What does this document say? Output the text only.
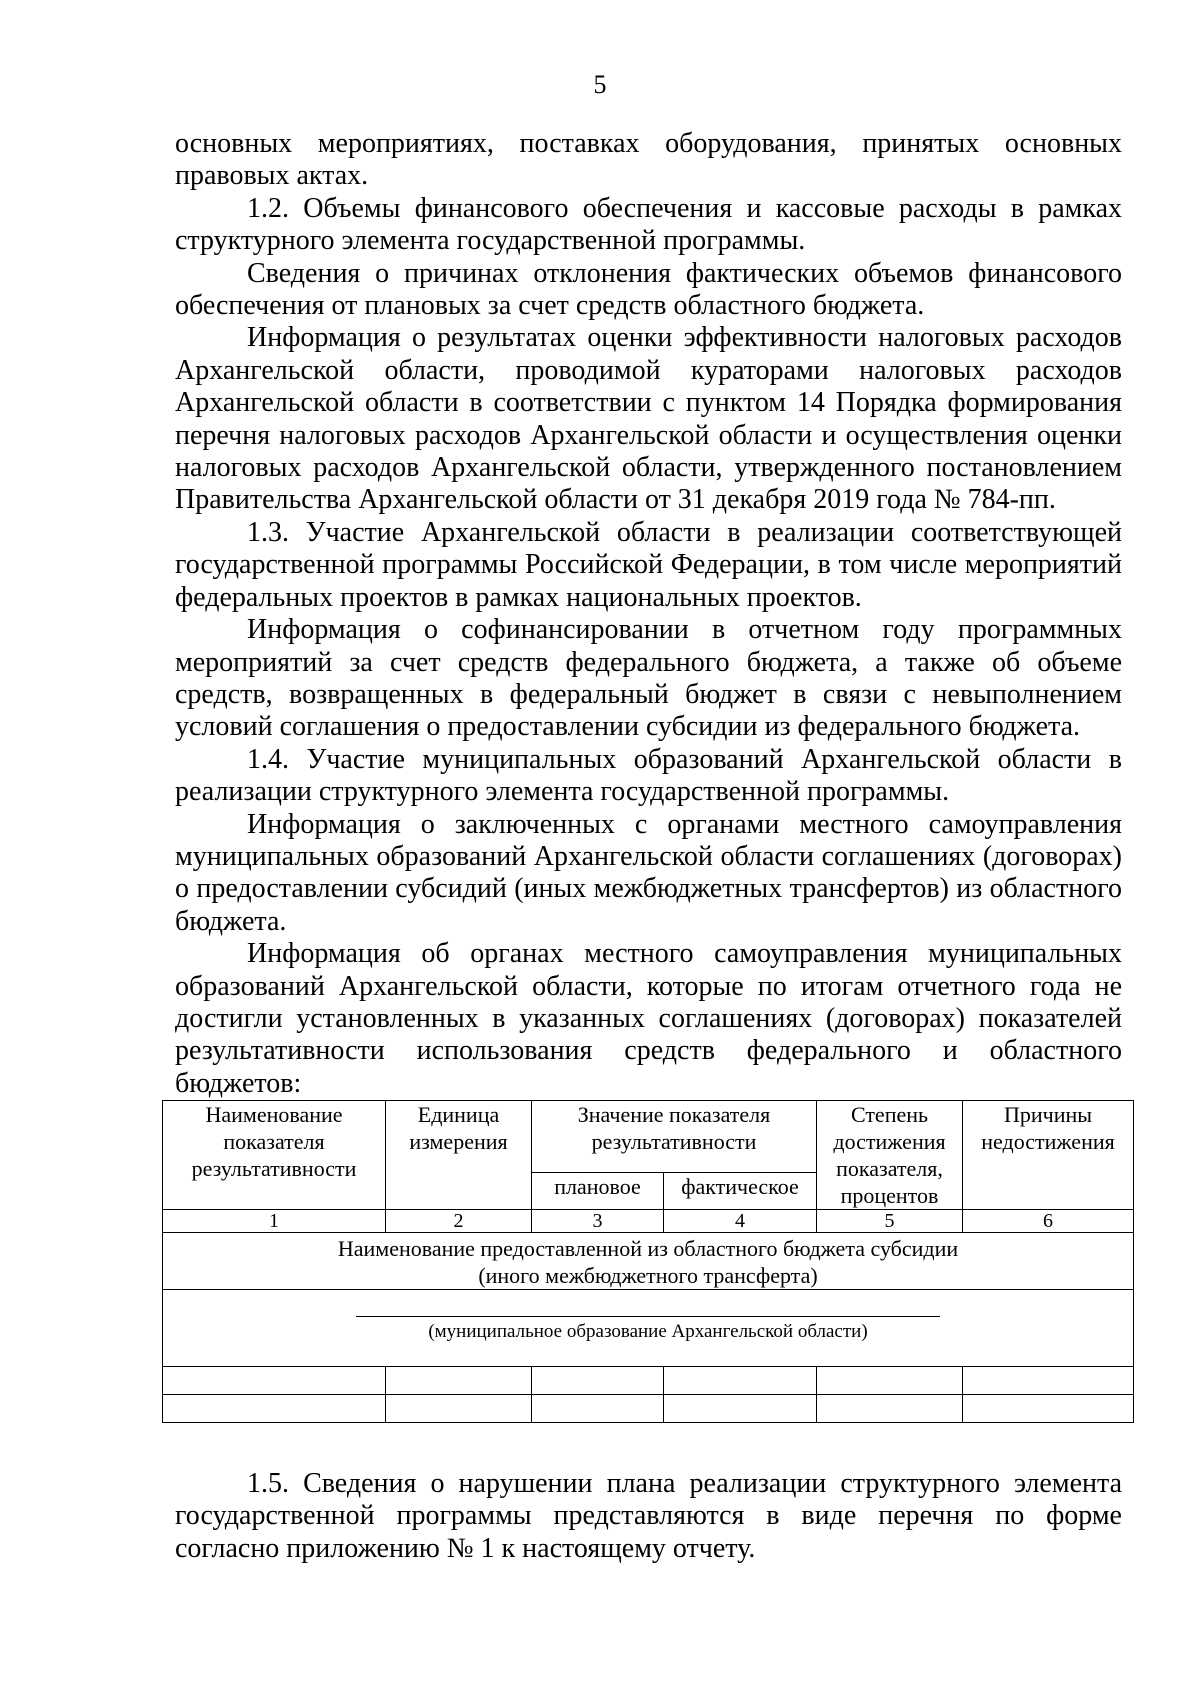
5

основных мероприятиях, поставках оборудования, принятых основных правовых актах.

1.2. Объемы финансового обеспечения и кассовые расходы в рамках структурного элемента государственной программы.

Сведения о причинах отклонения фактических объемов финансового обеспечения от плановых за счет средств областного бюджета.

Информация о результатах оценки эффективности налоговых расходов Архангельской области, проводимой кураторами налоговых расходов Архангельской области в соответствии с пунктом 14 Порядка формирования перечня налоговых расходов Архангельской области и осуществления оценки налоговых расходов Архангельской области, утвержденного постановлением Правительства Архангельской области от 31 декабря 2019 года № 784-пп.

1.3. Участие Архангельской области в реализации соответствующей государственной программы Российской Федерации, в том числе мероприятий федеральных проектов в рамках национальных проектов.

Информация о софинансировании в отчетном году программных мероприятий за счет средств федерального бюджета, а также об объеме средств, возвращенных в федеральный бюджет в связи с невыполнением условий соглашения о предоставлении субсидии из федерального бюджета.

1.4. Участие муниципальных образований Архангельской области в реализации структурного элемента государственной программы.

Информация о заключенных с органами местного самоуправления муниципальных образований Архангельской области соглашениях (договорах) о предоставлении субсидий (иных межбюджетных трансфертов) из областного бюджета.

Информация об органах местного самоуправления муниципальных образований Архангельской области, которые по итогам отчетного года не достигли установленных в указанных соглашениях (договорах) показателей результативности использования средств федерального и областного бюджетов:

Наименование показателя результативности	Единица измерения	Значение показателя результативности		Степень достижения показателя, процентов	Причины недостижения
		плановое	фактическое		
1	2	3	4	5	6

Наименование предоставленной из областного бюджета субсидии
(иного межбюджетного трансферта)					

(муниципальное образование Архангельской области)					

1.5. Сведения о нарушении плана реализации структурного элемента государственной программы представляются в виде перечня по форме согласно приложению № 1 к настоящему отчету.
